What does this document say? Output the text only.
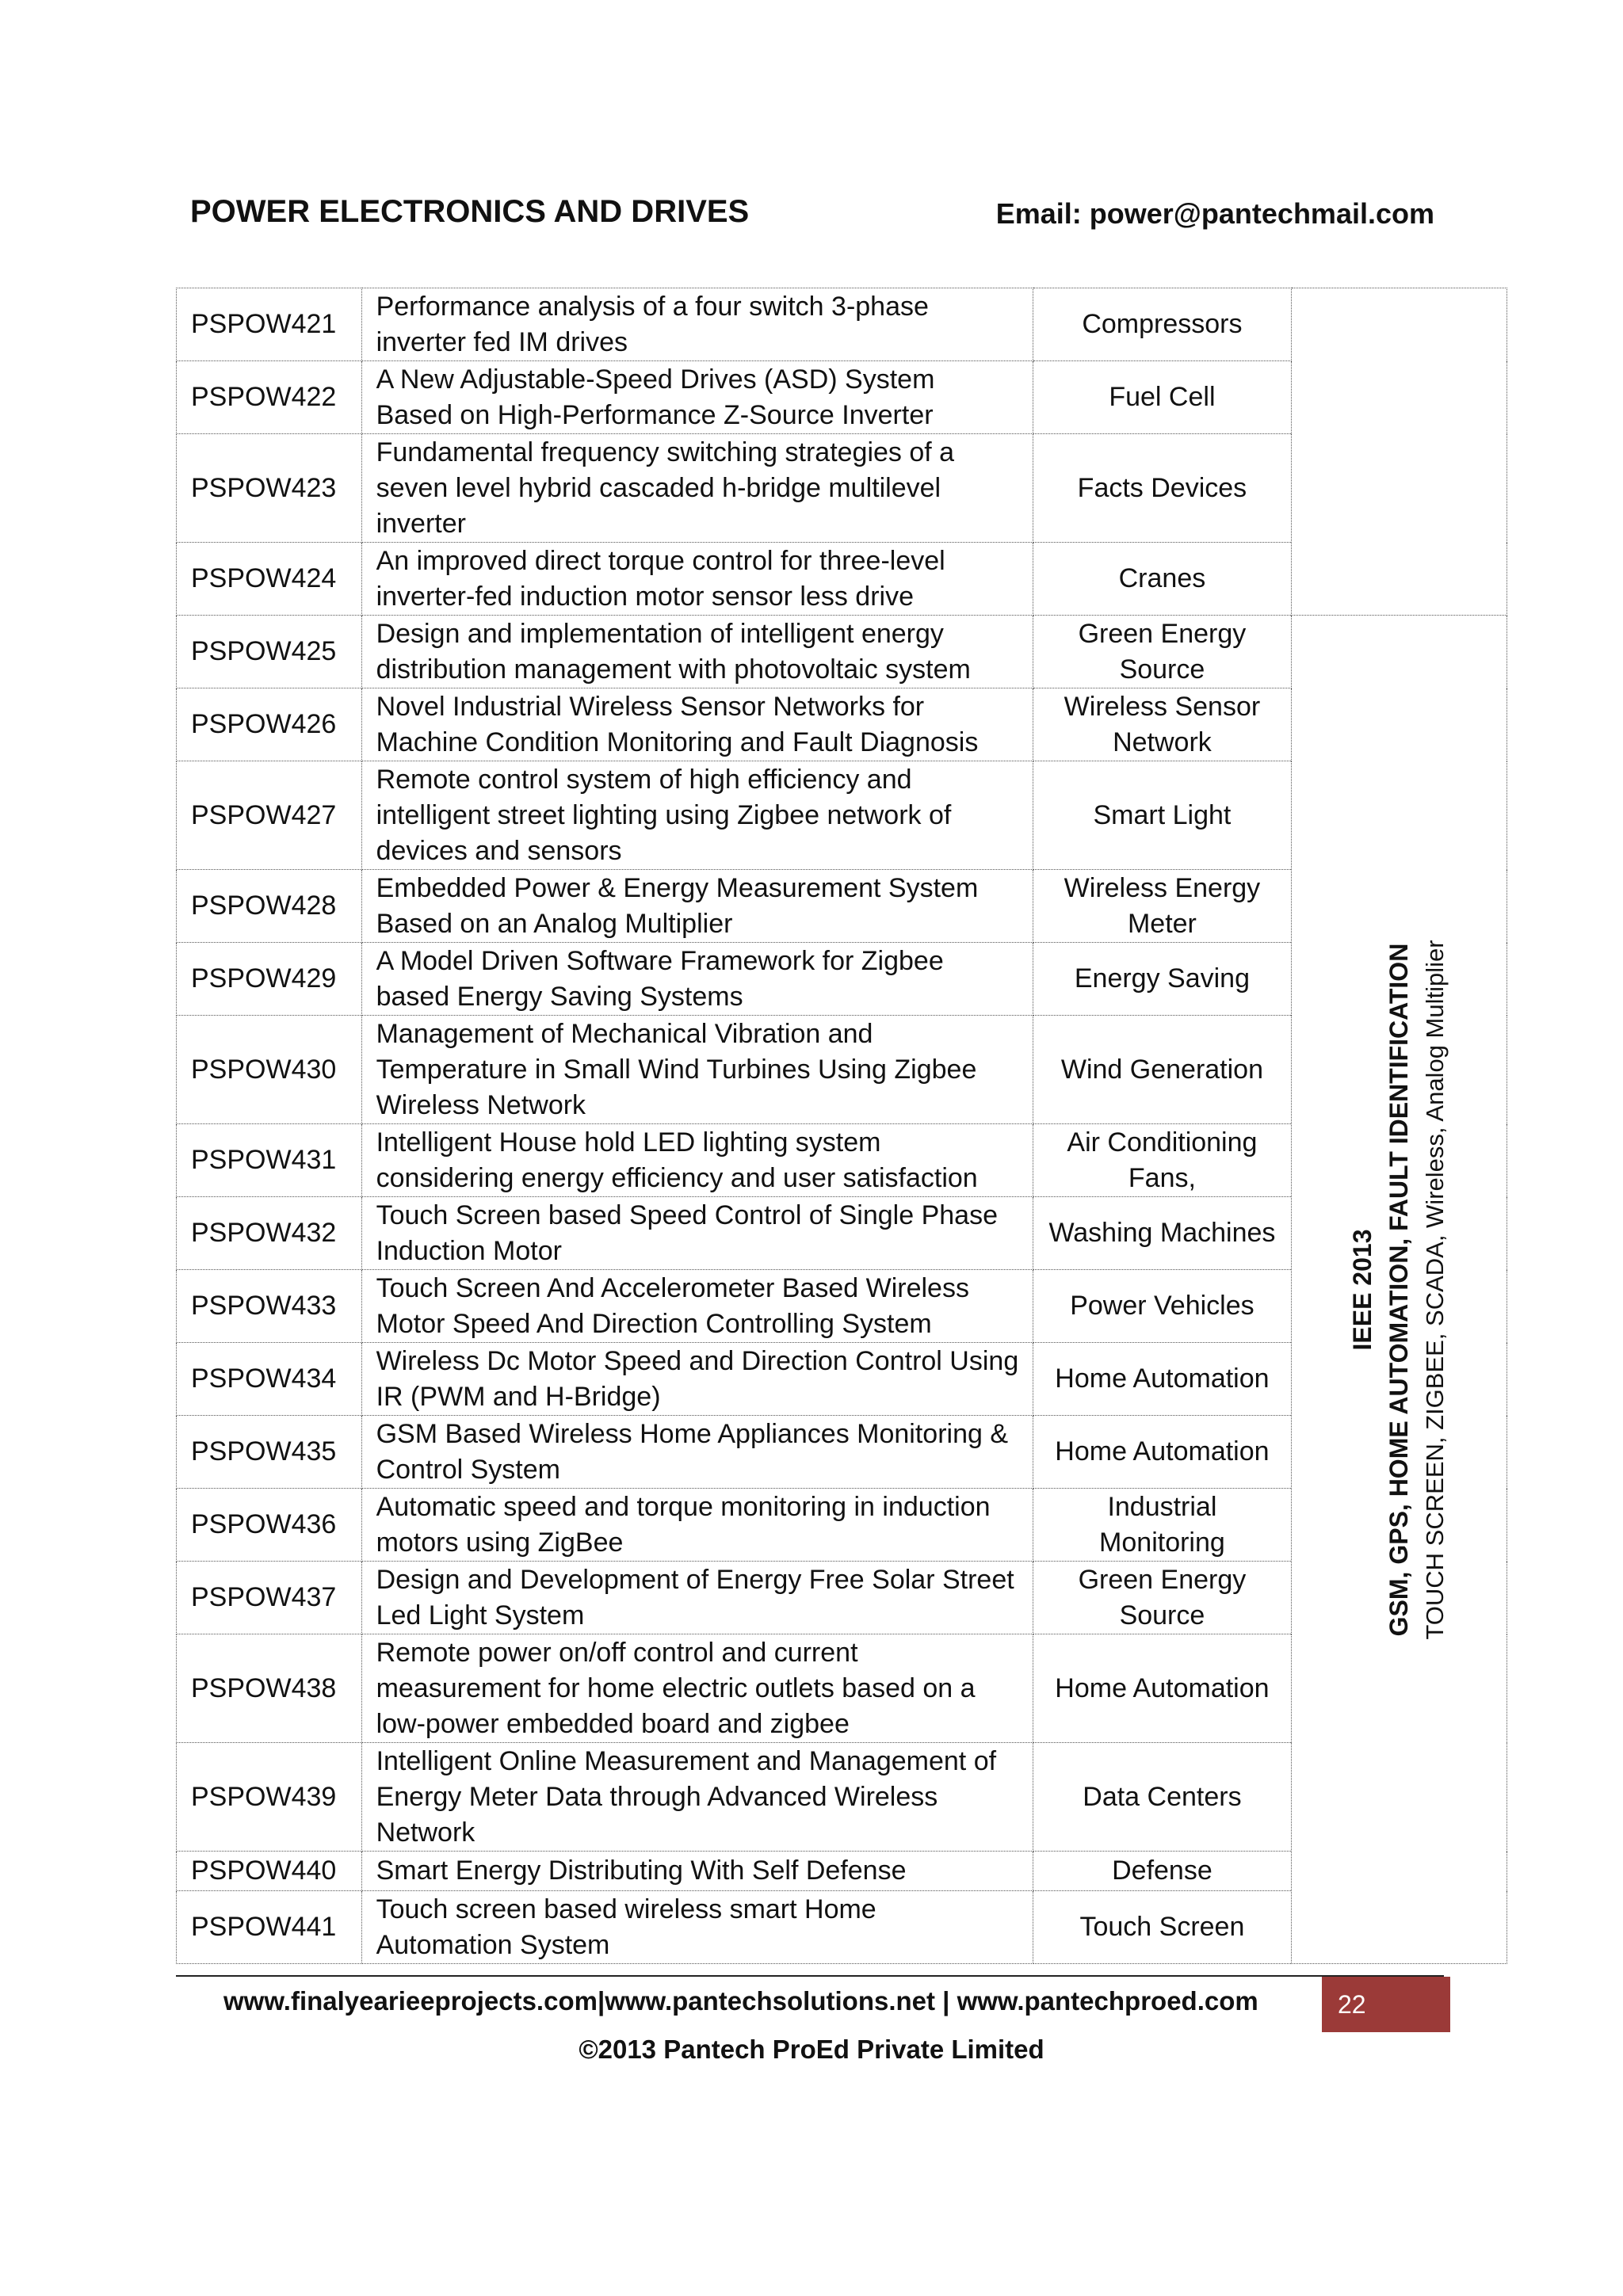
POWER ELECTRONICS AND DRIVES	Email: power@pantechmail.com
PSPOW421	Performance analysis of a four switch 3-phase inverter fed IM drives	Compressors	
PSPOW422	A New Adjustable-Speed Drives (ASD) System Based on High-Performance Z-Source Inverter	Fuel Cell	
PSPOW423	Fundamental frequency switching strategies of a seven level hybrid cascaded h-bridge multilevel inverter	Facts Devices	
PSPOW424	An improved direct torque control for three-level inverter-fed induction motor sensor less drive	Cranes	
PSPOW425	Design and implementation of intelligent energy distribution management with photovoltaic system	Green Energy Source	IEEE 2013 GSM, GPS, HOME AUTOMATION, FAULT IDENTIFICATION TOUCH SCREEN, ZIGBEE, SCADA, Wireless, Analog Multiplier

PSPOW426	Novel Industrial Wireless Sensor Networks for Machine Condition Monitoring and Fault Diagnosis	Wireless Sensor Network	
PSPOW427	Remote control system of high efficiency and intelligent street lighting using Zigbee network of devices and sensors	Smart Light	
PSPOW428	Embedded Power & Energy Measurement System Based on an Analog Multiplier	Wireless Energy Meter	
PSPOW429	A Model Driven Software Framework for Zigbee based Energy Saving Systems	Energy Saving	
PSPOW430	Management of Mechanical Vibration and Temperature in Small Wind Turbines Using Zigbee Wireless Network	Wind Generation	
PSPOW431	Intelligent House hold LED lighting system considering energy efficiency and user satisfaction	Air Conditioning Fans,	
PSPOW432	Touch Screen based Speed Control of Single Phase Induction Motor	Washing Machines	
PSPOW433	Touch Screen And Accelerometer Based Wireless Motor Speed And Direction Controlling System	Power Vehicles	
PSPOW434	Wireless Dc Motor Speed and Direction Control Using IR (PWM and H-Bridge)	Home Automation	
PSPOW435	GSM Based Wireless Home Appliances Monitoring & Control System	Home Automation	
PSPOW436	Automatic speed and torque monitoring in induction motors using ZigBee	Industrial Monitoring	
PSPOW437	Design and Development of Energy Free Solar Street Led Light System	Green Energy Source	
PSPOW438	Remote power on/off control and current measurement for home electric outlets based on a low-power embedded board and zigbee	Home Automation	
PSPOW439	Intelligent Online Measurement and Management of Energy Meter Data through Advanced Wireless Network	Data Centers	
PSPOW440	Smart Energy Distributing With Self Defense	Defense	
PSPOW441	Touch screen based wireless smart Home Automation System	Touch Screen	
www.finalyearieeprojects.com|www.pantechsolutions.net | www.pantechproed.com	22
©2013 Pantech ProEd Private Limited
